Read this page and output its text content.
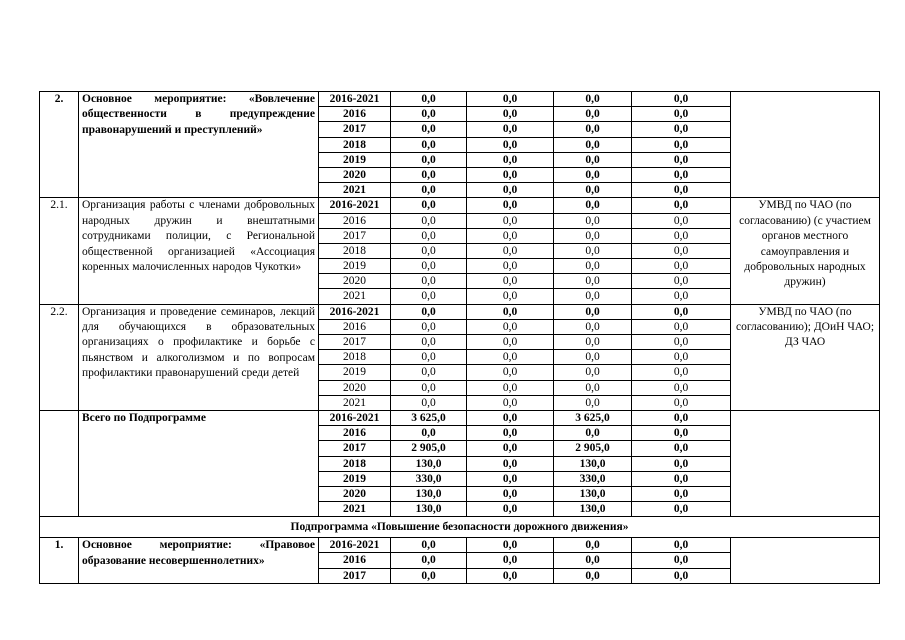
2.	Основное мероприятие: «Вовлечение общественности в предупреждение правонарушений и преступлений»	2016-2021	0,0	0,0	0,0	0,0	
		2016	0,0	0,0	0,0	0,0	
		2017	0,0	0,0	0,0	0,0	
		2018	0,0	0,0	0,0	0,0	
		2019	0,0	0,0	0,0	0,0	
		2020	0,0	0,0	0,0	0,0	
		2021	0,0	0,0	0,0	0,0	
2.1.	Организация работы с членами добровольных народных дружин и внештатными сотрудниками полиции, с Региональной общественной организацией «Ассоциация коренных малочисленных народов Чукотки»	2016-2021	0,0	0,0	0,0	0,0	УМВД по ЧАО (по согласованию) (с участием органов местного самоуправления и добровольных народных дружин)
		2016	0,0	0,0	0,0	0,0	
		2017	0,0	0,0	0,0	0,0	
		2018	0,0	0,0	0,0	0,0	
		2019	0,0	0,0	0,0	0,0	
		2020	0,0	0,0	0,0	0,0	
		2021	0,0	0,0	0,0	0,0	
2.2.	Организация и проведение семинаров, лекций для обучающихся в образовательных организациях о профилактике и борьбе с пьянством и алкоголизмом и по вопросам профилактики правонарушений среди детей	2016-2021	0,0	0,0	0,0	0,0	УМВД по ЧАО (по согласованию); ДОиН ЧАО; ДЗ ЧАО
		2016	0,0	0,0	0,0	0,0	
		2017	0,0	0,0	0,0	0,0	
		2018	0,0	0,0	0,0	0,0	
		2019	0,0	0,0	0,0	0,0	
		2020	0,0	0,0	0,0	0,0	
		2021	0,0	0,0	0,0	0,0	
	Всего по Подпрограмме	2016-2021	3 625,0	0,0	3 625,0	0,0	
		2016	0,0	0,0	0,0	0,0	
		2017	2 905,0	0,0	2 905,0	0,0	
		2018	130,0	0,0	130,0	0,0	
		2019	330,0	0,0	330,0	0,0	
		2020	130,0	0,0	130,0	0,0	
		2021	130,0	0,0	130,0	0,0	
Подпрограмма «Повышение безопасности дорожного движения»							
1.	Основное мероприятие: «Правовое образование несовершеннолетних»	2016-2021	0,0	0,0	0,0	0,0	
		2016	0,0	0,0	0,0	0,0	
		2017	0,0	0,0	0,0	0,0	
